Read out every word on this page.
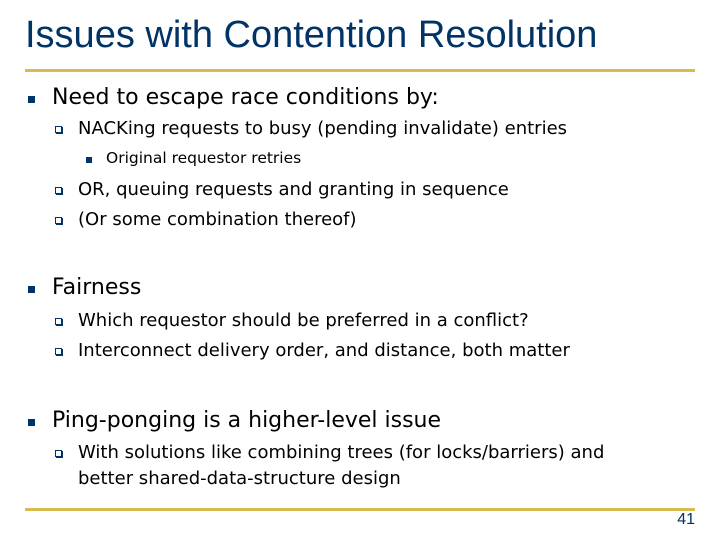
Issues with Contention Resolution
Need to escape race conditions by:
NACKing requests to busy (pending invalidate) entries
Original requestor retries
OR, queuing requests and granting in sequence
(Or some combination thereof)
Fairness
Which requestor should be preferred in a conflict?
Interconnect delivery order, and distance, both matter
Ping-ponging is a higher-level issue
With solutions like combining trees (for locks/barriers) and
better shared-data-structure design
41
